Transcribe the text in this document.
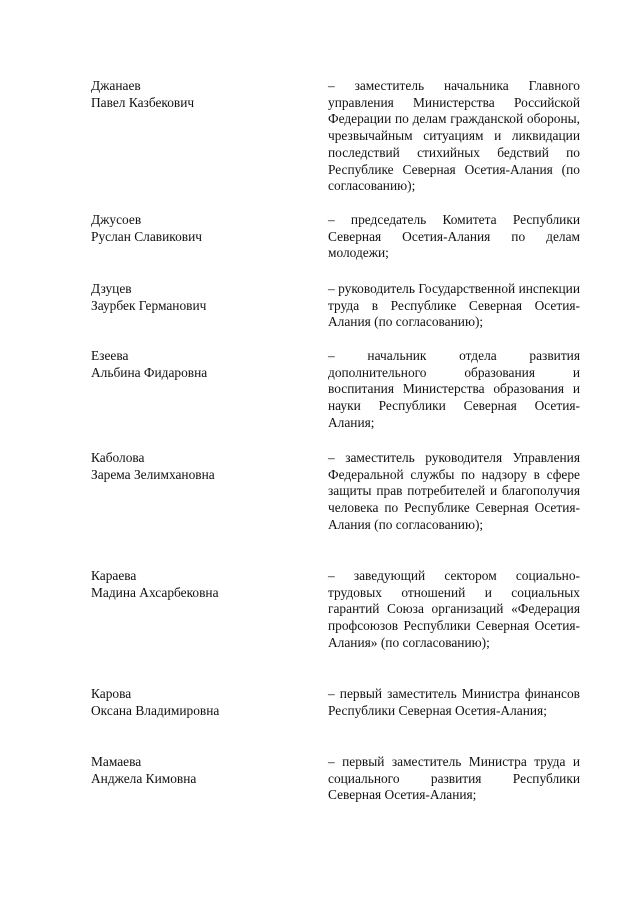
Джанаев
Павел Казбекович
– заместитель начальника Главного управления Министерства Российской Федерации по делам гражданской обороны, чрезвычайным ситуациям и ликвидации последствий стихийных бедствий по Республике Северная Осетия-Алания (по согласованию);
Джусоев
Руслан Славикович
– председатель Комитета Республики Северная Осетия-Алания по делам молодежи;
Дзуцев
Заурбек Германович
– руководитель Государственной инспекции труда в Республике Северная Осетия-Алания (по согласованию);
Езеева
Альбина Фидаровна
– начальник отдела развития дополнительного образования и воспитания Министерства образования и науки Республики Северная Осетия-Алания;
Каболова
Зарема Зелимхановна
– заместитель руководителя Управления Федеральной службы по надзору в сфере защиты прав потребителей и благополучия человека по Республике Северная Осетия-Алания (по согласованию);
Караева
Мадина Ахсарбековна
– заведующий сектором социально-трудовых отношений и социальных гарантий Союза организаций «Федерация профсоюзов Республики Северная Осетия-Алания» (по согласованию);
Карова
Оксана Владимировна
– первый заместитель Министра финансов Республики Северная Осетия-Алания;
Мамаева
Анджела Кимовна
– первый заместитель Министра труда и социального развития Республики Северная Осетия-Алания;
